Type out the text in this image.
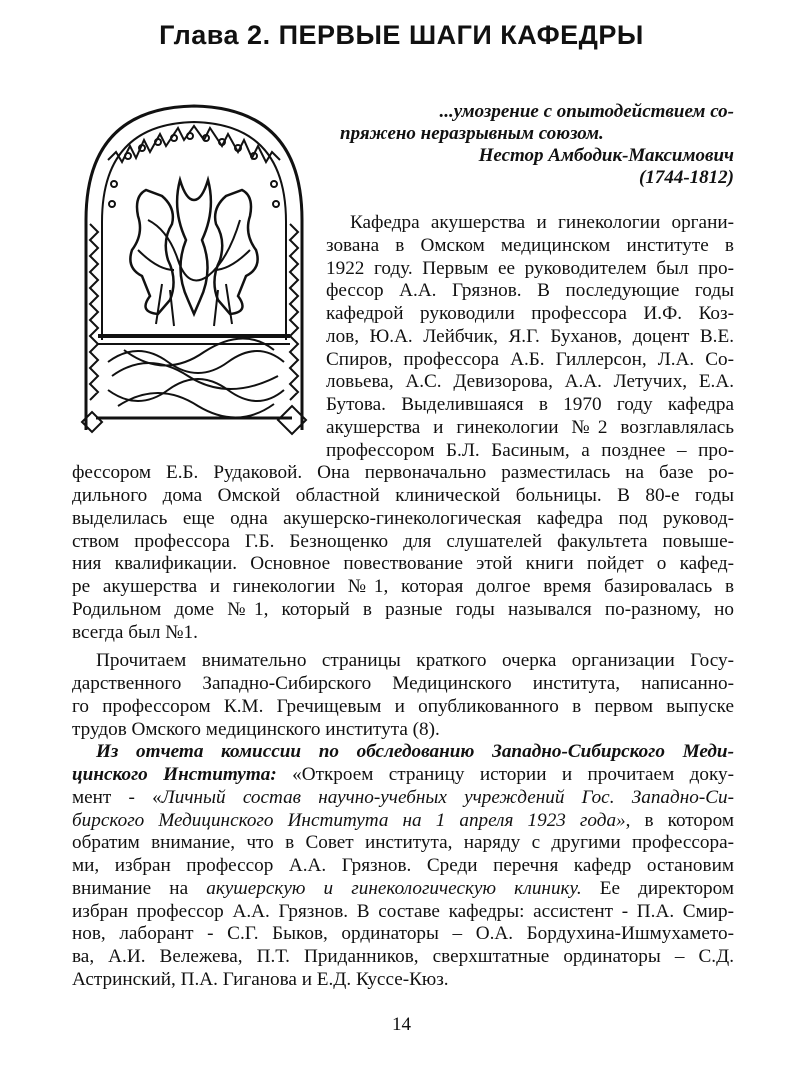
Глава 2. ПЕРВЫЕ ШАГИ КАФЕДРЫ
...умозрение с опытодействием со-
пряжено неразрывным союзом.
Нестор Амбодик-Максимович
(1744-1812)
Кафедра акушерства и гинекологии органи-
зована в Омском медицинском институте в
1922 году. Первым ее руководителем был про-
фессор А.А. Грязнов. В последующие годы
кафедрой руководили профессора И.Ф. Коз-
лов, Ю.А. Лейбчик, Я.Г. Буханов, доцент В.Е.
Спиров, профессора А.Б. Гиллерсон, Л.А. Со-
ловьева, А.С. Девизорова, А.А. Летучих, Е.А.
Бутова. Выделившаяся в 1970 году кафедра
акушерства и гинекологии №2 возглавлялась
профессором Б.Л. Басиным, а позднее – про-
фессором Е.Б. Рудаковой. Она первоначально разместилась на базе ро-
дильного дома Омской областной клинической больницы. В 80-е годы
выделилась еще одна акушерско-гинекологическая кафедра под руковод-
ством профессора Г.Б. Безнощенко для слушателей факультета повыше-
ния квалификации. Основное повествование этой книги пойдет о кафед-
ре акушерства и гинекологии №1, которая долгое время базировалась в
Родильном доме №1, который в разные годы назывался по-разному, но
всегда был №1.
Прочитаем внимательно страницы краткого очерка организации Госу-
дарственного Западно-Сибирского Медицинского института, написанно-
го профессором К.М. Гречищевым и опубликованного в первом выпуске
трудов Омского медицинского института (8).
Из отчета комиссии по обследованию Западно-Сибирского Меди-
цинского Института: «Откроем страницу истории и прочитаем доку-
мент - «Личный состав научно-учебных учреждений Гос. Западно-Си-
бирского Медицинского Института на 1 апреля 1923 года», в котором
обратим внимание, что в Совет института, наряду с другими профессора-
ми, избран профессор А.А. Грязнов. Среди перечня кафедр остановим
внимание на акушерскую и гинекологическую клинику. Ее директором
избран профессор А.А. Грязнов. В составе кафедры: ассистент - П.А. Смир-
нов, лаборант - С.Г. Быков, ординаторы – О.А. Бордухина-Ишмухамето-
ва, А.И. Вележева, П.Т. Приданников, сверхштатные ординаторы – С.Д.
Астринский, П.А. Гиганова и Е.Д. Куссе-Кюз.
14
